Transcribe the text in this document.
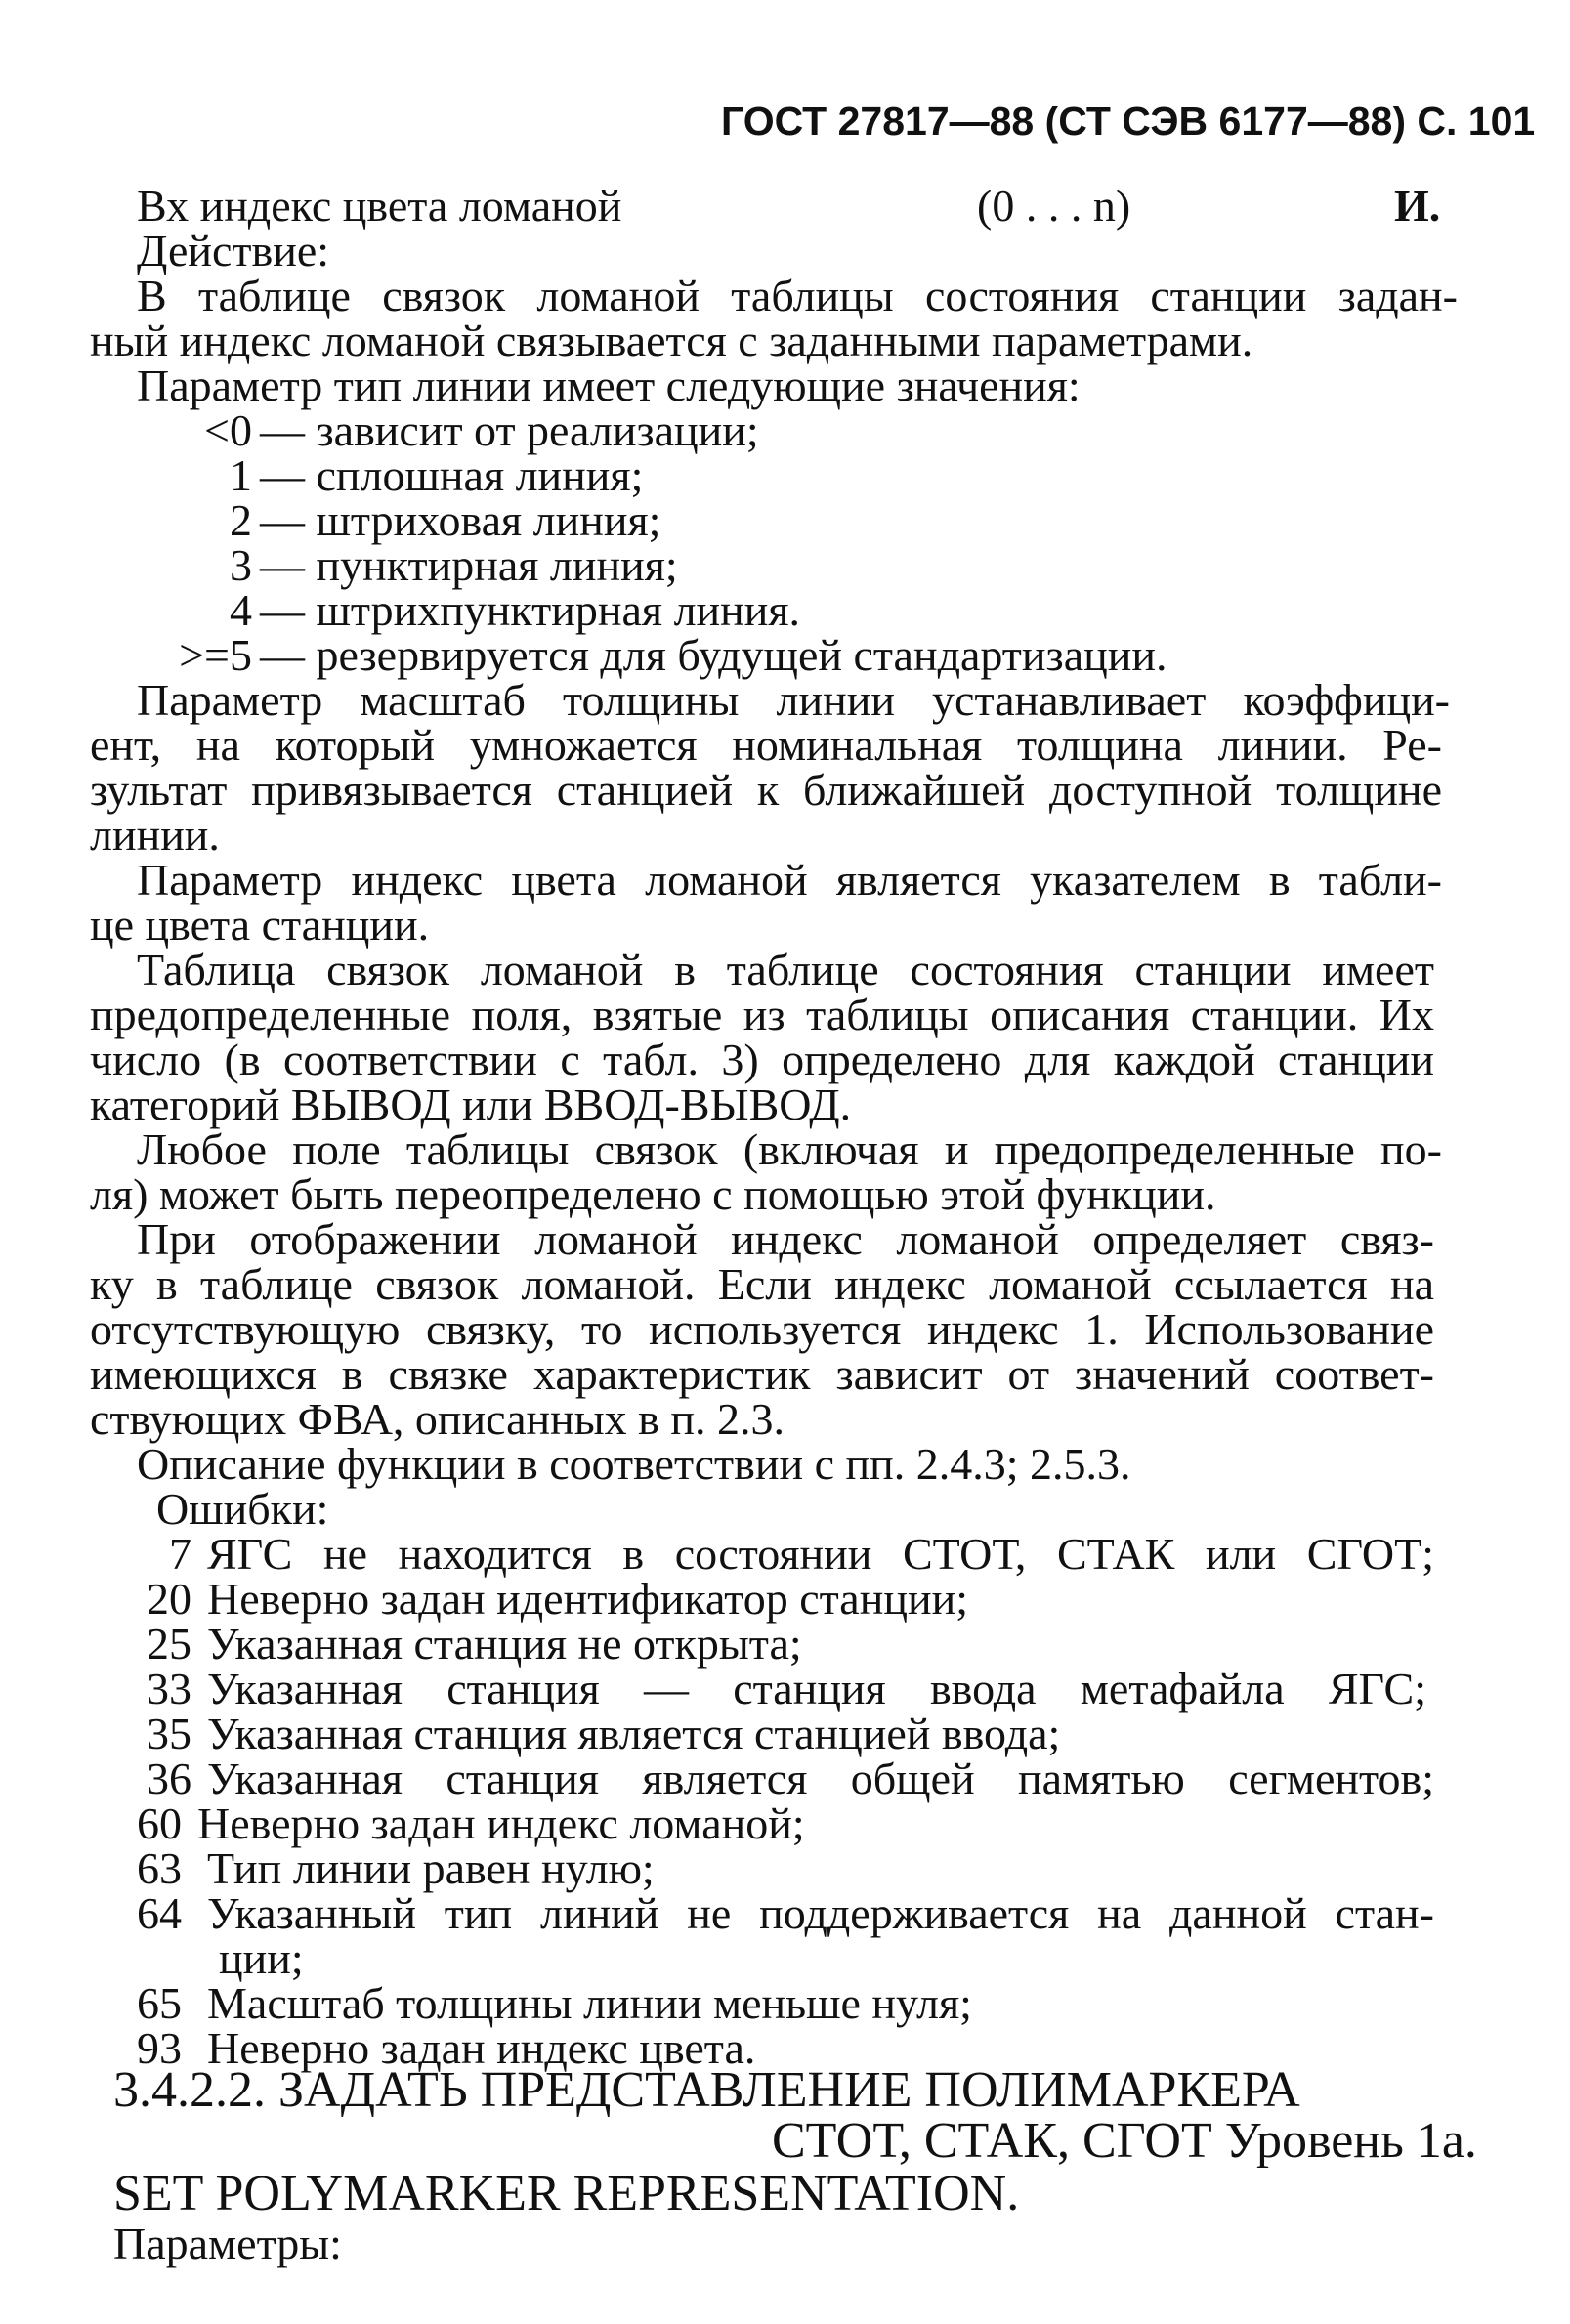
ГОСТ 27817—88 (СТ СЭВ 6177—88) С. 101
Вх индекс цвета ломаной	(0 . . . n)	И.
Действие:
В таблице связок ломаной таблицы состояния станции задан-
ный индекс ломаной связывается с заданными параметрами.
Параметр тип линии имеет следующие значения:
<0 — зависит от реализации;
1 — сплошная линия;
2 — штриховая линия;
3 — пунктирная линия;
4 — штрихпунктирная линия.
>=5 — резервируется для будущей стандартизации.
Параметр масштаб толщины линии устанавливает коэффици-
ент, на который умножается номинальная толщина линии. Ре-
зультат привязывается станцией к ближайшей доступной толщине
линии.
Параметр индекс цвета ломаной является указателем в табли-
це цвета станции.
Таблица связок ломаной в таблице состояния станции имеет
предопределенные поля, взятые из таблицы описания станции. Их
число (в соответствии с табл. 3) определено для каждой станции
категорий ВЫВОД или ВВОД-ВЫВОД.
Любое поле таблицы связок (включая и предопределенные по-
ля) может быть переопределено с помощью этой функции.
При отображении ломаной индекс ломаной определяет связ-
ку в таблице связок ломаной. Если индекс ломаной ссылается на
отсутствующую связку, то используется индекс 1. Использование
имеющихся в связке характеристик зависит от значений соответ-
ствующих ФВА, описанных в п. 2.3.
Описание функции в соответствии с пп. 2.4.3; 2.5.3.
Ошибки:
7 ЯГС не находится в состоянии СТОТ, СТАК или СГОТ;
20 Неверно задан идентификатор станции;
25 Указанная станция не открыта;
33 Указанная станция — станция ввода метафайла ЯГС;
35 Указанная станция является станцией ввода;
36 Указанная станция является общей памятью сегментов;
60 Неверно задан индекс ломаной;
63 Тип линии равен нулю;
64 Указанный тип линий не поддерживается на данной стан-
ции;
65 Масштаб толщины линии меньше нуля;
93 Неверно задан индекс цвета.
3.4.2.2. ЗАДАТЬ ПРЕДСТАВЛЕНИЕ ПОЛИМАРКЕРА
СТОТ, СТАК, СГОТ Уровень 1а.
SET POLYMARKER REPRESENTATION.
Параметры:
